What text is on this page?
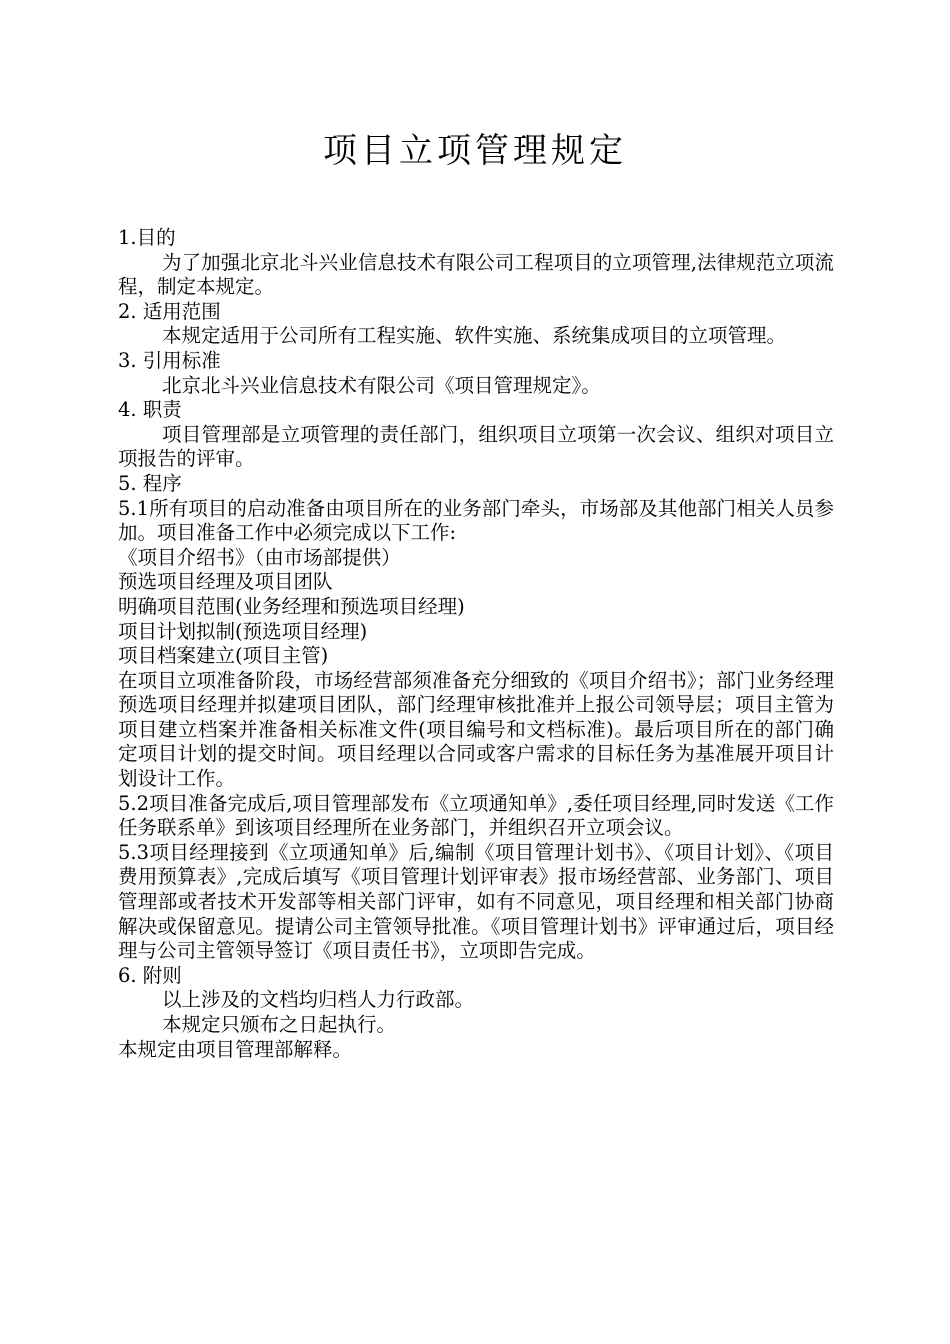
项目立项管理规定

1.目的

为了加强北京北斗兴业信息技术有限公司工程项目的立项管理,法律规范立项流程，制定本规定。

2. 适用范围

本规定适用于公司所有工程实施、软件实施、系统集成项目的立项管理。

3. 引用标准

北京北斗兴业信息技术有限公司《项目管理规定》。

4. 职责

项目管理部是立项管理的责任部门，组织项目立项第一次会议、组织对项目立项报告的评审。

5. 程序

5.1所有项目的启动准备由项目所在的业务部门牵头，市场部及其他部门相关人员参加。项目准备工作中必须完成以下工作:

《项目介绍书》（由市场部提供）

预选项目经理及项目团队

明确项目范围(业务经理和预选项目经理)

项目计划拟制(预选项目经理)

项目档案建立(项目主管)

在项目立项准备阶段，市场经营部须准备充分细致的《项目介绍书》；部门业务经理预选项目经理并拟建项目团队，部门经理审核批准并上报公司领导层；项目主管为项目建立档案并准备相关标准文件(项目编号和文档标准)。最后项目所在的部门确定项目计划的提交时间。项目经理以合同或客户需求的目标任务为基准展开项目计划设计工作。

5.2项目准备完成后,项目管理部发布《立项通知单》,委任项目经理,同时发送《工作任务联系单》到该项目经理所在业务部门，并组织召开立项会议。

5.3项目经理接到《立项通知单》后,编制《项目管理计划书》、《项目计划》、《项目费用预算表》,完成后填写《项目管理计划评审表》报市场经营部、业务部门、项目管理部或者技术开发部等相关部门评审，如有不同意见，项目经理和相关部门协商解决或保留意见。提请公司主管领导批准。《项目管理计划书》评审通过后，项目经理与公司主管领导签订《项目责任书》，立项即告完成。

6. 附则

以上涉及的文档均归档人力行政部。

本规定只颁布之日起执行。

本规定由项目管理部解释。
